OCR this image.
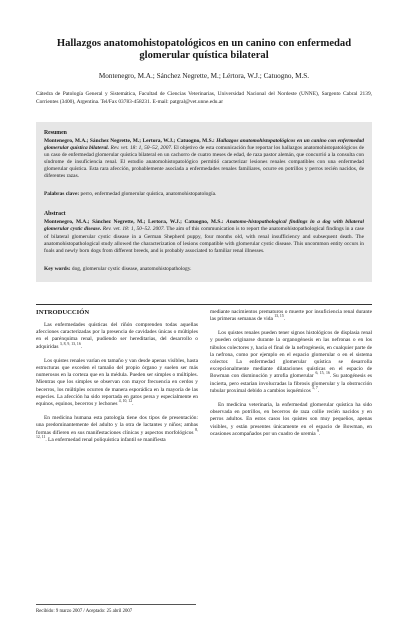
Hallazgos anatomohistopatológicos en un canino con enfermedad glomerular quística bilateral
Montenegro, M.A.; Sánchez Negrette, M.; Lértora, W.J.; Catuogno, M.S.
Cátedra de Patología General y Sistemática, Facultad de Ciencias Veterinarias, Universidad Nacional del Nordeste (UNNE), Sargento Cabral 2139, Corrientes (3400), Argentina. Tel/Fax 03783-458231. E-mail: patgral@vet.unne.edu.ar
Resumen
Montenegro, M.A.; Sánchez Negrette, M.; Lertora, W.J.; Catuogno, M.S.: Hallazgos anatomohistopatológicos en un canino con enfermedad glomerular quística bilateral. Rev. vet. 18: 1, 50–52, 2007. El objetivo de esta comunicación fue reportar los hallazgos anatomohistopatológicos de un caso de enfermedad glomerular quística bilateral en un cachorro de cuatro meses de edad, de raza pastor alemán, que concurrió a la consulta con síndrome de insuficiencia renal. El estudio anatomohistopatológico permitió caracterizar lesiones renales compatibles con una enfermedad glomerular quística. Esta rara afección, probablemente asociada a enfermedades renales familiares, ocurre en potrillos y perros recién nacidos, de diferentes razas.
Palabras clave: perro, enfermedad glomerular quística, anatomohistopatología.
Abstract
Montenegro, M.A.; Sánchez Negrette, M.; Lertora, W.J.; Catuogno, M.S.: Anatomo-histopathological findings in a dog with bilateral glomerular cystic disease. Rev. vet. 18: 1, 50–52. 2007. The aim of this communication is to report the anatomohistopathological findings in a case of bilateral glomerular cystic disease in a German Shepherd puppy, four months old, with renal insufficiency and subsequent death. The anatomohistopathological study allowed the characterization of lesions compatible with glomerular cystic disease. This uncommon entity occurs in foals and newly born dogs from different breeds, and is probably associated to familiar renal illnesses.
Key words: dog, glomerular cystic disease, anatomohistopathology.
INTRODUCCIÓN

Las enfermedades quísticas del riñón comprenden todas aquellas afecciones caracterizadas por la presencia de cavidades únicas o múltiples en el parénquima renal, pudiendo ser hereditarias, del desarrollo o adquiridas $^{3, 8, 9, 13, 16}$.

Los quistes renales varían en tamaño y van desde apenas visibles, hasta estructuras que exceden el tamaño del propio órgano y suelen ser más numerosos en la corteza que en la médula. Pueden ser simples o múltiples. Mientras que los simples se observan con mayor frecuencia en cerdos y becerros, los múltiples ocurren de manera esporádica en la mayoría de las especies. La afección ha sido reportada en gatos persa y especialmente en equinos, equinos, becerros y lechones $^{4, 10, 12}$.

En medicina humana esta patología tiene dos tipos de presentación: una predominantemente del adulto y la otra de lactantes y niños; ambas formas difieren en sus manifestaciones clínicas y aspectos morfológicos $^{8, 12, 11}$. La enfermedad renal poliquística infantil se manifiesta

mediante nacimientos prematuros o muerte por insuficiencia renal durante las primeras semanas de vida $^{13, 15}$.

Los quistes renales pueden tener signos histológicos de displasia renal y pueden originarse durante la organogénesis en las nefronas o en los túbulos colectores y, hacia el final de la nefrogénesis, en cualquier parte de la nefrona, como por ejemplo en el espacio glomerular o en el sistema colector. La enfermedad glomerular quística se desarrolla excepcionalmente mediante dilataciones quísticas en el espacio de Bowman con disminución y atrofia glomerular $^{6, 15, 16}$. Su patogénesis es incierta, pero estarían involucradas la fibrosis glomerular y la obstrucción tubular proximal debido a cambios isquémicos $^{5, 7}$.

En medicina veterinaria, la enfermedad glomerular quística ha sido observada en potrillos, en becerros de raza collie recién nacidos y en perros adultos. En estos casos los quistes son muy pequeños, apenas visibles, y están presentes únicamente en el espacio de Bowman, en ocasiones acompañados por un cuadro de uremia $^9$.

Recibido: 9 marzo 2007 / Aceptado: 25 abril 2007
